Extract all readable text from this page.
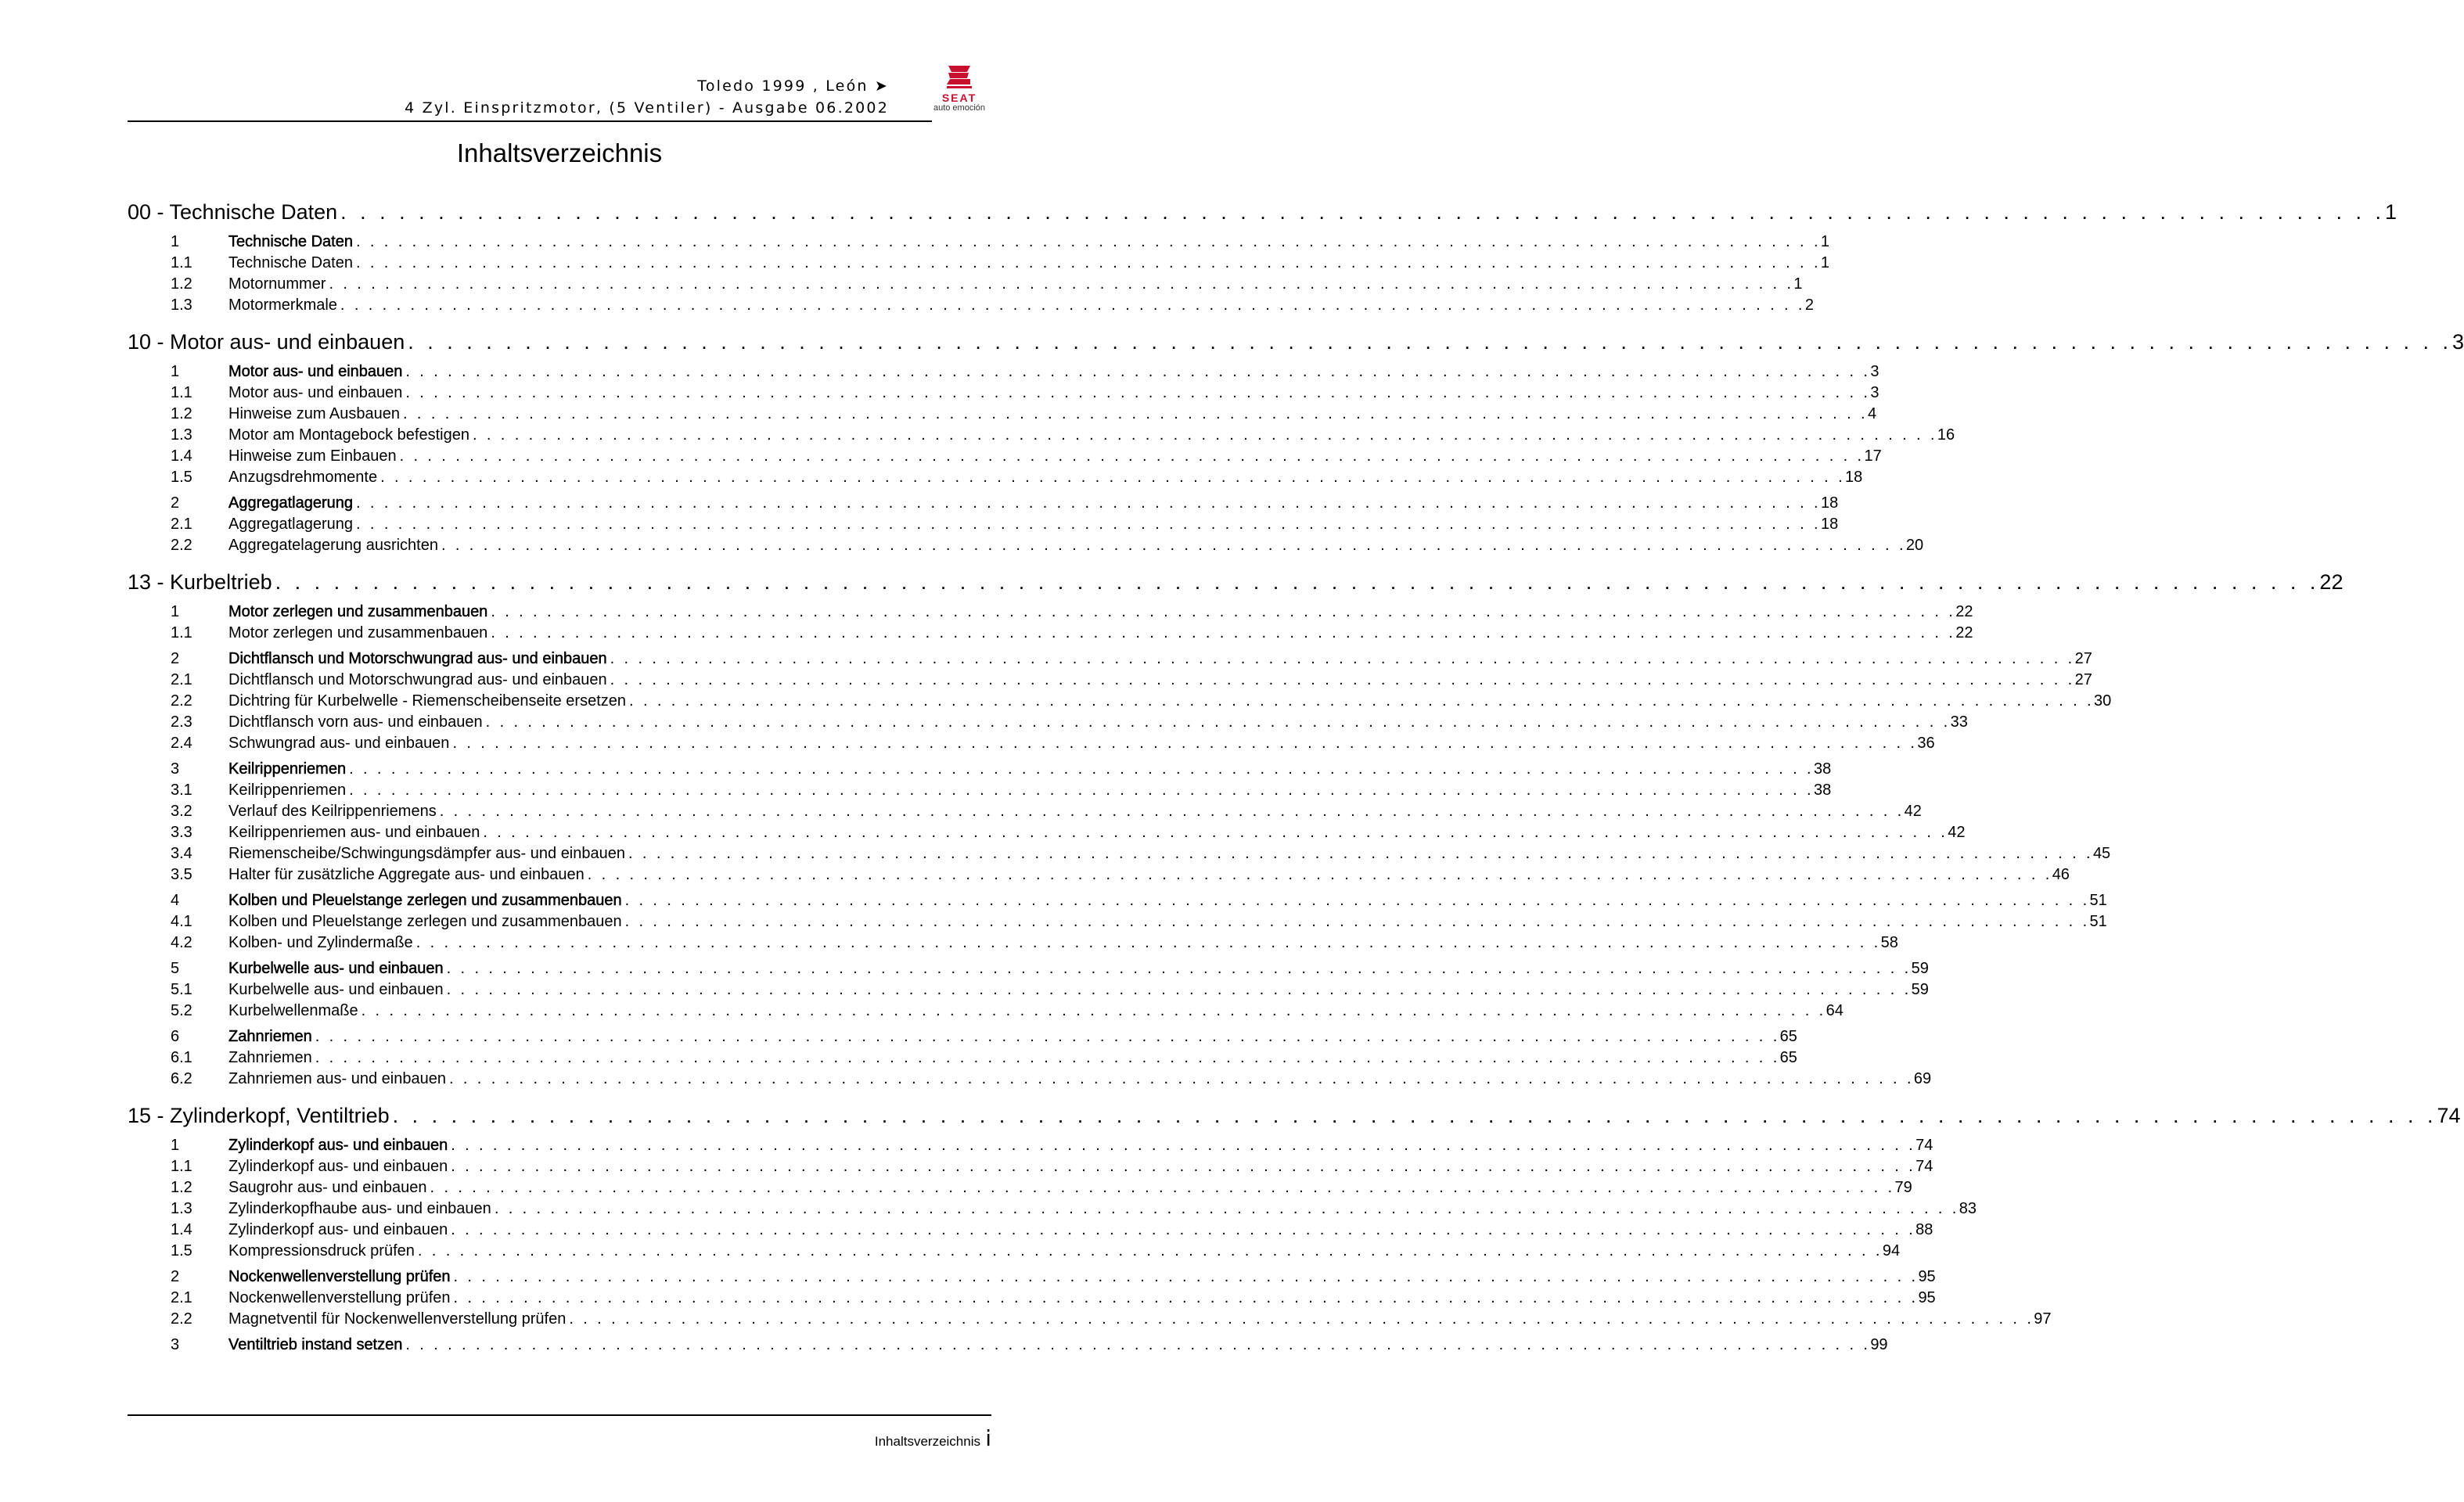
Toledo 1999 , León ➤
4 Zyl. Einspritzmotor, (5 Ventiler) - Ausgabe 06.2002
SEAT
auto emoción
Inhaltsverzeichnis
00 - Technische Daten . . . . . . . . . . . . . . . . . . . . . . . . . . . . . . . . . . . . . . . . . . . . . . . . . . . . . . . . . . . . . . . . . . . . . . . . . . . . . . . . . . . . . . . . . . . . . . . . . . . . . . . . . 1
1	Technische Daten . . . . . . . . . . . . . . . . . . . . . . . . . . . . . . . . . . . . . . . . . . . . . . . . . . . . . . . . . . . . . . . . . . . . . . . . . . . . . . . . . . . . . . . . . . . . . . . . . . . . . . . . . 1
1.1	Technische Daten . . . . . . . . . . . . . . . . . . . . . . . . . . . . . . . . . . . . . . . . . . . . . . . . . . . . . . . . . . . . . . . . . . . . . . . . . . . . . . . . . . . . . . . . . . . . . . . . . . . . . . . . . 1
1.2	Motornummer . . . . . . . . . . . . . . . . . . . . . . . . . . . . . . . . . . . . . . . . . . . . . . . . . . . . . . . . . . . . . . . . . . . . . . . . . . . . . . . . . . . . . . . . . . . . . . . . . . . . . . . . . 1
1.3	Motormerkmale . . . . . . . . . . . . . . . . . . . . . . . . . . . . . . . . . . . . . . . . . . . . . . . . . . . . . . . . . . . . . . . . . . . . . . . . . . . . . . . . . . . . . . . . . . . . . . . . . . . . . . . . . 2
10 - Motor aus- und einbauen . . . . . . . . . . . . . . . . . . . . . . . . . . . . . . . . . . . . . . . . . . . . . . . . . . . . . . . . . . . . . . . . . . . . . . . . . . . . . . . . . . . . . . . . . . . . . . . . . . . . . . . . . 3
1	Motor aus- und einbauen . . . . . . . . . . . . . . . . . . . . . . . . . . . . . . . . . . . . . . . . . . . . . . . . . . . . . . . . . . . . . . . . . . . . . . . . . . . . . . . . . . . . . . . . . . . . . . . . . . . . . . . . . 3
1.1	Motor aus- und einbauen . . . . . . . . . . . . . . . . . . . . . . . . . . . . . . . . . . . . . . . . . . . . . . . . . . . . . . . . . . . . . . . . . . . . . . . . . . . . . . . . . . . . . . . . . . . . . . . . . . . . . . . . . 3
1.2	Hinweise zum Ausbauen . . . . . . . . . . . . . . . . . . . . . . . . . . . . . . . . . . . . . . . . . . . . . . . . . . . . . . . . . . . . . . . . . . . . . . . . . . . . . . . . . . . . . . . . . . . . . . . . . . . . . . . . . 4
1.3	Motor am Montagebock befestigen . . . . . . . . . . . . . . . . . . . . . . . . . . . . . . . . . . . . . . . . . . . . . . . . . . . . . . . . . . . . . . . . . . . . . . . . . . . . . . . . . . . . . . . . . . . . . . . . . . . . . . . . . 16
1.4	Hinweise zum Einbauen . . . . . . . . . . . . . . . . . . . . . . . . . . . . . . . . . . . . . . . . . . . . . . . . . . . . . . . . . . . . . . . . . . . . . . . . . . . . . . . . . . . . . . . . . . . . . . . . . . . . . . . . . 17
1.5	Anzugsdrehmomente . . . . . . . . . . . . . . . . . . . . . . . . . . . . . . . . . . . . . . . . . . . . . . . . . . . . . . . . . . . . . . . . . . . . . . . . . . . . . . . . . . . . . . . . . . . . . . . . . . . . . . . . . 18
2	Aggregatlagerung . . . . . . . . . . . . . . . . . . . . . . . . . . . . . . . . . . . . . . . . . . . . . . . . . . . . . . . . . . . . . . . . . . . . . . . . . . . . . . . . . . . . . . . . . . . . . . . . . . . . . . . . . 18
2.1	Aggregatlagerung . . . . . . . . . . . . . . . . . . . . . . . . . . . . . . . . . . . . . . . . . . . . . . . . . . . . . . . . . . . . . . . . . . . . . . . . . . . . . . . . . . . . . . . . . . . . . . . . . . . . . . . . . 18
2.2	Aggregatelagerung ausrichten . . . . . . . . . . . . . . . . . . . . . . . . . . . . . . . . . . . . . . . . . . . . . . . . . . . . . . . . . . . . . . . . . . . . . . . . . . . . . . . . . . . . . . . . . . . . . . . . . . . . . . . . . 20
13 - Kurbeltrieb . . . . . . . . . . . . . . . . . . . . . . . . . . . . . . . . . . . . . . . . . . . . . . . . . . . . . . . . . . . . . . . . . . . . . . . . . . . . . . . . . . . . . . . . . . . . . . . . . . . . . . . . . 22
1	Motor zerlegen und zusammenbauen . . . . . . . . . . . . . . . . . . . . . . . . . . . . . . . . . . . . . . . . . . . . . . . . . . . . . . . . . . . . . . . . . . . . . . . . . . . . . . . . . . . . . . . . . . . . . . . . . . . . . . . . . 22
1.1	Motor zerlegen und zusammenbauen . . . . . . . . . . . . . . . . . . . . . . . . . . . . . . . . . . . . . . . . . . . . . . . . . . . . . . . . . . . . . . . . . . . . . . . . . . . . . . . . . . . . . . . . . . . . . . . . . . . . . . . . . 22
2	Dichtflansch und Motorschwungrad aus- und einbauen . . . . . . . . . . . . . . . . . . . . . . . . . . . . . . . . . . . . . . . . . . . . . . . . . . . . . . . . . . . . . . . . . . . . . . . . . . . . . . . . . . . . . . . . . . . . . . . . . . . . . . . . . 27
2.1	Dichtflansch und Motorschwungrad aus- und einbauen . . . . . . . . . . . . . . . . . . . . . . . . . . . . . . . . . . . . . . . . . . . . . . . . . . . . . . . . . . . . . . . . . . . . . . . . . . . . . . . . . . . . . . . . . . . . . . . . . . . . . . . . . 27
2.2	Dichtring für Kurbelwelle - Riemenscheibenseite ersetzen . . . . . . . . . . . . . . . . . . . . . . . . . . . . . . . . . . . . . . . . . . . . . . . . . . . . . . . . . . . . . . . . . . . . . . . . . . . . . . . . . . . . . . . . . . . . . . . . . . . . . . . . . 30
2.3	Dichtflansch vorn aus- und einbauen . . . . . . . . . . . . . . . . . . . . . . . . . . . . . . . . . . . . . . . . . . . . . . . . . . . . . . . . . . . . . . . . . . . . . . . . . . . . . . . . . . . . . . . . . . . . . . . . . . . . . . . . . 33
2.4	Schwungrad aus- und einbauen . . . . . . . . . . . . . . . . . . . . . . . . . . . . . . . . . . . . . . . . . . . . . . . . . . . . . . . . . . . . . . . . . . . . . . . . . . . . . . . . . . . . . . . . . . . . . . . . . . . . . . . . . 36
3	Keilrippenriemen . . . . . . . . . . . . . . . . . . . . . . . . . . . . . . . . . . . . . . . . . . . . . . . . . . . . . . . . . . . . . . . . . . . . . . . . . . . . . . . . . . . . . . . . . . . . . . . . . . . . . . . . . 38
3.1	Keilrippenriemen . . . . . . . . . . . . . . . . . . . . . . . . . . . . . . . . . . . . . . . . . . . . . . . . . . . . . . . . . . . . . . . . . . . . . . . . . . . . . . . . . . . . . . . . . . . . . . . . . . . . . . . . . 38
3.2	Verlauf des Keilrippenriemens . . . . . . . . . . . . . . . . . . . . . . . . . . . . . . . . . . . . . . . . . . . . . . . . . . . . . . . . . . . . . . . . . . . . . . . . . . . . . . . . . . . . . . . . . . . . . . . . . . . . . . . . . 42
3.3	Keilrippenriemen aus- und einbauen . . . . . . . . . . . . . . . . . . . . . . . . . . . . . . . . . . . . . . . . . . . . . . . . . . . . . . . . . . . . . . . . . . . . . . . . . . . . . . . . . . . . . . . . . . . . . . . . . . . . . . . . . 42
3.4	Riemenscheibe/Schwingungsdämpfer aus- und einbauen . . . . . . . . . . . . . . . . . . . . . . . . . . . . . . . . . . . . . . . . . . . . . . . . . . . . . . . . . . . . . . . . . . . . . . . . . . . . . . . . . . . . . . . . . . . . . . . . . . . . . . . . . 45
3.5	Halter für zusätzliche Aggregate aus- und einbauen . . . . . . . . . . . . . . . . . . . . . . . . . . . . . . . . . . . . . . . . . . . . . . . . . . . . . . . . . . . . . . . . . . . . . . . . . . . . . . . . . . . . . . . . . . . . . . . . . . . . . . . . . 46
4	Kolben und Pleuelstange zerlegen und zusammenbauen . . . . . . . . . . . . . . . . . . . . . . . . . . . . . . . . . . . . . . . . . . . . . . . . . . . . . . . . . . . . . . . . . . . . . . . . . . . . . . . . . . . . . . . . . . . . . . . . . . . . . . . . . 51
4.1	Kolben und Pleuelstange zerlegen und zusammenbauen . . . . . . . . . . . . . . . . . . . . . . . . . . . . . . . . . . . . . . . . . . . . . . . . . . . . . . . . . . . . . . . . . . . . . . . . . . . . . . . . . . . . . . . . . . . . . . . . . . . . . . . . . 51
4.2	Kolben- und Zylindermaße . . . . . . . . . . . . . . . . . . . . . . . . . . . . . . . . . . . . . . . . . . . . . . . . . . . . . . . . . . . . . . . . . . . . . . . . . . . . . . . . . . . . . . . . . . . . . . . . . . . . . . . . . 58
5	Kurbelwelle aus- und einbauen . . . . . . . . . . . . . . . . . . . . . . . . . . . . . . . . . . . . . . . . . . . . . . . . . . . . . . . . . . . . . . . . . . . . . . . . . . . . . . . . . . . . . . . . . . . . . . . . . . . . . . . . . 59
5.1	Kurbelwelle aus- und einbauen . . . . . . . . . . . . . . . . . . . . . . . . . . . . . . . . . . . . . . . . . . . . . . . . . . . . . . . . . . . . . . . . . . . . . . . . . . . . . . . . . . . . . . . . . . . . . . . . . . . . . . . . . 59
5.2	Kurbelwellenmaße . . . . . . . . . . . . . . . . . . . . . . . . . . . . . . . . . . . . . . . . . . . . . . . . . . . . . . . . . . . . . . . . . . . . . . . . . . . . . . . . . . . . . . . . . . . . . . . . . . . . . . . . . 64
6	Zahnriemen . . . . . . . . . . . . . . . . . . . . . . . . . . . . . . . . . . . . . . . . . . . . . . . . . . . . . . . . . . . . . . . . . . . . . . . . . . . . . . . . . . . . . . . . . . . . . . . . . . . . . . . . . 65
6.1	Zahnriemen . . . . . . . . . . . . . . . . . . . . . . . . . . . . . . . . . . . . . . . . . . . . . . . . . . . . . . . . . . . . . . . . . . . . . . . . . . . . . . . . . . . . . . . . . . . . . . . . . . . . . . . . . 65
6.2	Zahnriemen aus- und einbauen . . . . . . . . . . . . . . . . . . . . . . . . . . . . . . . . . . . . . . . . . . . . . . . . . . . . . . . . . . . . . . . . . . . . . . . . . . . . . . . . . . . . . . . . . . . . . . . . . . . . . . . . . 69
15 - Zylinderkopf, Ventiltrieb . . . . . . . . . . . . . . . . . . . . . . . . . . . . . . . . . . . . . . . . . . . . . . . . . . . . . . . . . . . . . . . . . . . . . . . . . . . . . . . . . . . . . . . . . . . . . . . . . . . . . . . . . 74
1	Zylinderkopf aus- und einbauen . . . . . . . . . . . . . . . . . . . . . . . . . . . . . . . . . . . . . . . . . . . . . . . . . . . . . . . . . . . . . . . . . . . . . . . . . . . . . . . . . . . . . . . . . . . . . . . . . . . . . . . . . 74
1.1	Zylinderkopf aus- und einbauen . . . . . . . . . . . . . . . . . . . . . . . . . . . . . . . . . . . . . . . . . . . . . . . . . . . . . . . . . . . . . . . . . . . . . . . . . . . . . . . . . . . . . . . . . . . . . . . . . . . . . . . . . 74
1.2	Saugrohr aus- und einbauen . . . . . . . . . . . . . . . . . . . . . . . . . . . . . . . . . . . . . . . . . . . . . . . . . . . . . . . . . . . . . . . . . . . . . . . . . . . . . . . . . . . . . . . . . . . . . . . . . . . . . . . . . 79
1.3	Zylinderkopfhaube aus- und einbauen . . . . . . . . . . . . . . . . . . . . . . . . . . . . . . . . . . . . . . . . . . . . . . . . . . . . . . . . . . . . . . . . . . . . . . . . . . . . . . . . . . . . . . . . . . . . . . . . . . . . . . . . . 83
1.4	Zylinderkopf aus- und einbauen . . . . . . . . . . . . . . . . . . . . . . . . . . . . . . . . . . . . . . . . . . . . . . . . . . . . . . . . . . . . . . . . . . . . . . . . . . . . . . . . . . . . . . . . . . . . . . . . . . . . . . . . . 88
1.5	Kompressionsdruck prüfen . . . . . . . . . . . . . . . . . . . . . . . . . . . . . . . . . . . . . . . . . . . . . . . . . . . . . . . . . . . . . . . . . . . . . . . . . . . . . . . . . . . . . . . . . . . . . . . . . . . . . . . . . 94
2	Nockenwellenverstellung prüfen . . . . . . . . . . . . . . . . . . . . . . . . . . . . . . . . . . . . . . . . . . . . . . . . . . . . . . . . . . . . . . . . . . . . . . . . . . . . . . . . . . . . . . . . . . . . . . . . . . . . . . . . . 95
2.1	Nockenwellenverstellung prüfen . . . . . . . . . . . . . . . . . . . . . . . . . . . . . . . . . . . . . . . . . . . . . . . . . . . . . . . . . . . . . . . . . . . . . . . . . . . . . . . . . . . . . . . . . . . . . . . . . . . . . . . . . 95
2.2	Magnetventil für Nockenwellenverstellung prüfen . . . . . . . . . . . . . . . . . . . . . . . . . . . . . . . . . . . . . . . . . . . . . . . . . . . . . . . . . . . . . . . . . . . . . . . . . . . . . . . . . . . . . . . . . . . . . . . . . . . . . . . . . 97
3	Ventiltrieb instand setzen . . . . . . . . . . . . . . . . . . . . . . . . . . . . . . . . . . . . . . . . . . . . . . . . . . . . . . . . . . . . . . . . . . . . . . . . . . . . . . . . . . . . . . . . . . . . . . . . . . . . . . . . . 99
Inhaltsverzeichnis i
